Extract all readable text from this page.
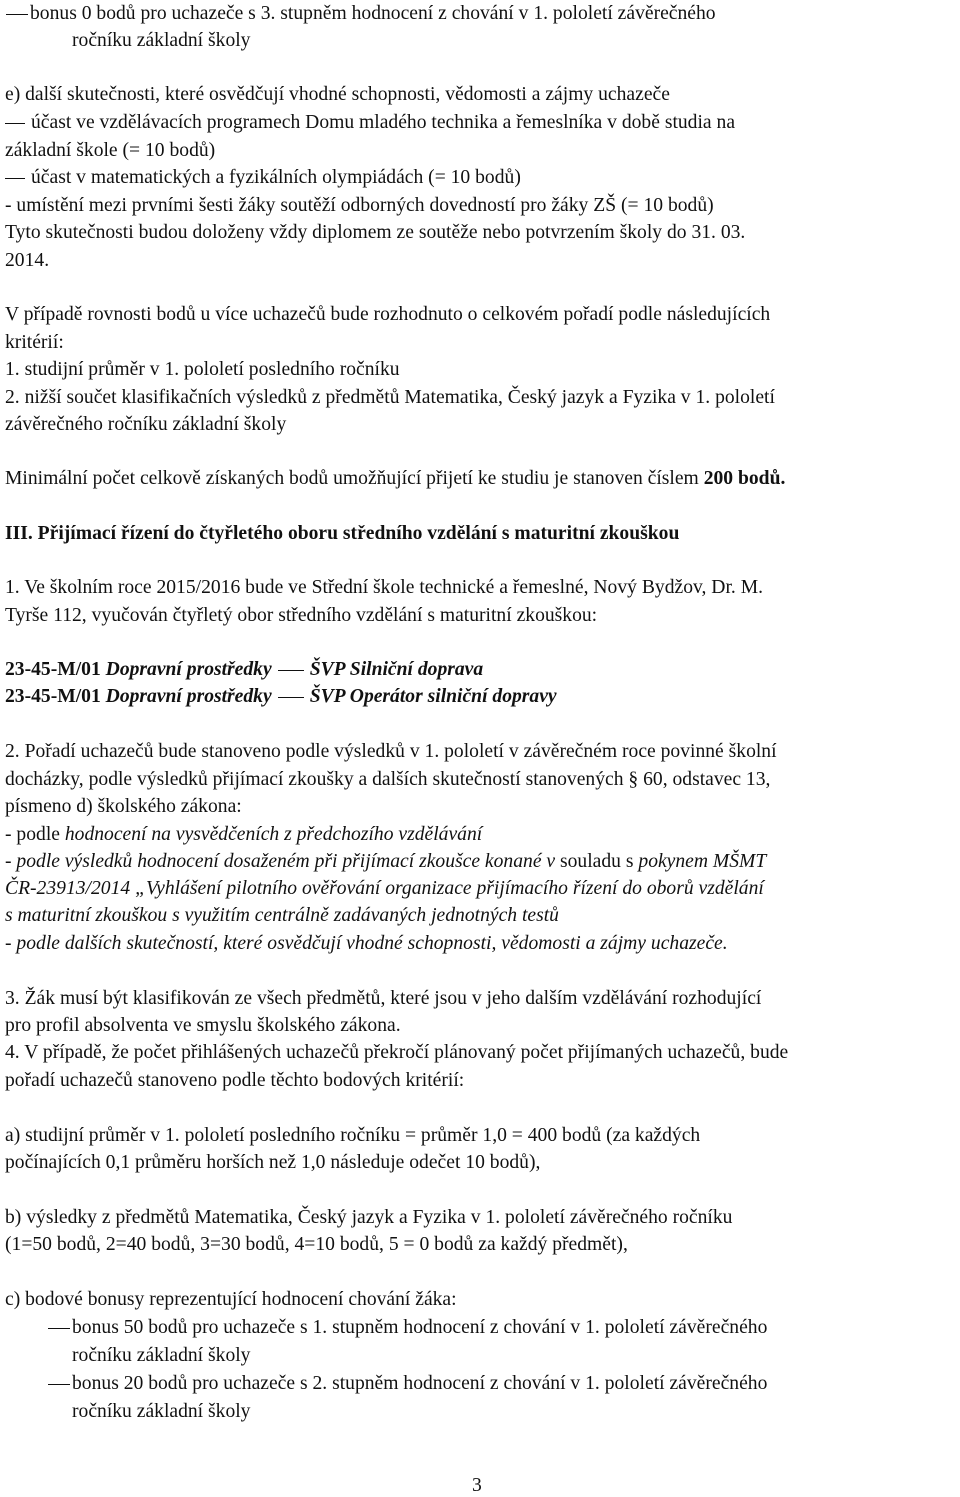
bonus 0 bodů pro uchazeče s 3. stupněm hodnocení z chování v 1. pololetí závěrečného
ročníku základní školy
e) další skutečnosti, které osvědčují vhodné schopnosti, vědomosti a zájmy uchazeče
účast ve vzdělávacích programech Domu mladého technika a řemeslníka v době studia na
základní škole (= 10 bodů)
účast v matematických a fyzikálních olympiádách (= 10 bodů)
- umístění mezi prvními šesti žáky soutěží odborných dovedností pro žáky ZŠ (= 10 bodů)
Tyto skutečnosti budou doloženy vždy diplomem ze soutěže nebo potvrzením školy do 31. 03.
2014.
V případě rovnosti bodů u více uchazečů bude rozhodnuto o celkovém pořadí podle následujících
kritérií:
1. studijní průměr v 1. pololetí posledního ročníku
2. nižší součet klasifikačních výsledků z předmětů Matematika, Český jazyk a Fyzika v 1. pololetí
závěrečného ročníku základní školy
Minimální počet celkově získaných bodů umožňující přijetí ke studiu je stanoven číslem 200 bodů.
III. Přijímací řízení do čtyřletého oboru středního vzdělání s maturitní zkouškou
1. Ve školním roce 2015/2016 bude ve Střední škole technické a řemeslné, Nový Bydžov, Dr. M.
Tyrše 112, vyučován čtyřletý obor středního vzdělání s maturitní zkouškou:
23-45-M/01 Dopravní prostředky ŠVP Silniční doprava
23-45-M/01 Dopravní prostředky ŠVP Operátor silniční dopravy
2. Pořadí uchazečů bude stanoveno podle výsledků v 1. pololetí v závěrečném roce povinné školní
docházky, podle výsledků přijímací zkoušky a dalších skutečností stanovených § 60, odstavec 13,
písmeno d) školského zákona:
- podle hodnocení na vysvědčeních z předchozího vzdělávání
- podle výsledků hodnocení dosaženém při přijímací zkoušce konané v souladu s pokynem MŠMT
ČR-23913/2014 „Vyhlášení pilotního ověřování organizace přijímacího řízení do oborů vzdělání
s maturitní zkouškou s využitím centrálně zadávaných jednotných testů
- podle dalších skutečností, které osvědčují vhodné schopnosti, vědomosti a zájmy uchazeče.
3. Žák musí být klasifikován ze všech předmětů, které jsou v jeho dalším vzdělávání rozhodující
pro profil absolventa ve smyslu školského zákona.
4. V případě, že počet přihlášených uchazečů překročí plánovaný počet přijímaných uchazečů, bude
pořadí uchazečů stanoveno podle těchto bodových kritérií:
a) studijní průměr v 1. pololetí posledního ročníku = průměr 1,0 = 400 bodů (za každých
počínajících 0,1 průměru horších než 1,0 následuje odečet 10 bodů),
b) výsledky z předmětů Matematika, Český jazyk a Fyzika v 1. pololetí závěrečného ročníku
(1=50 bodů, 2=40 bodů, 3=30 bodů, 4=10 bodů, 5 = 0 bodů za každý předmět),
c) bodové bonusy reprezentující hodnocení chování žáka:
bonus 50 bodů pro uchazeče s 1. stupněm hodnocení z chování v 1. pololetí závěrečného
ročníku základní školy
bonus 20 bodů pro uchazeče s 2. stupněm hodnocení z chování v 1. pololetí závěrečného
ročníku základní školy
3
